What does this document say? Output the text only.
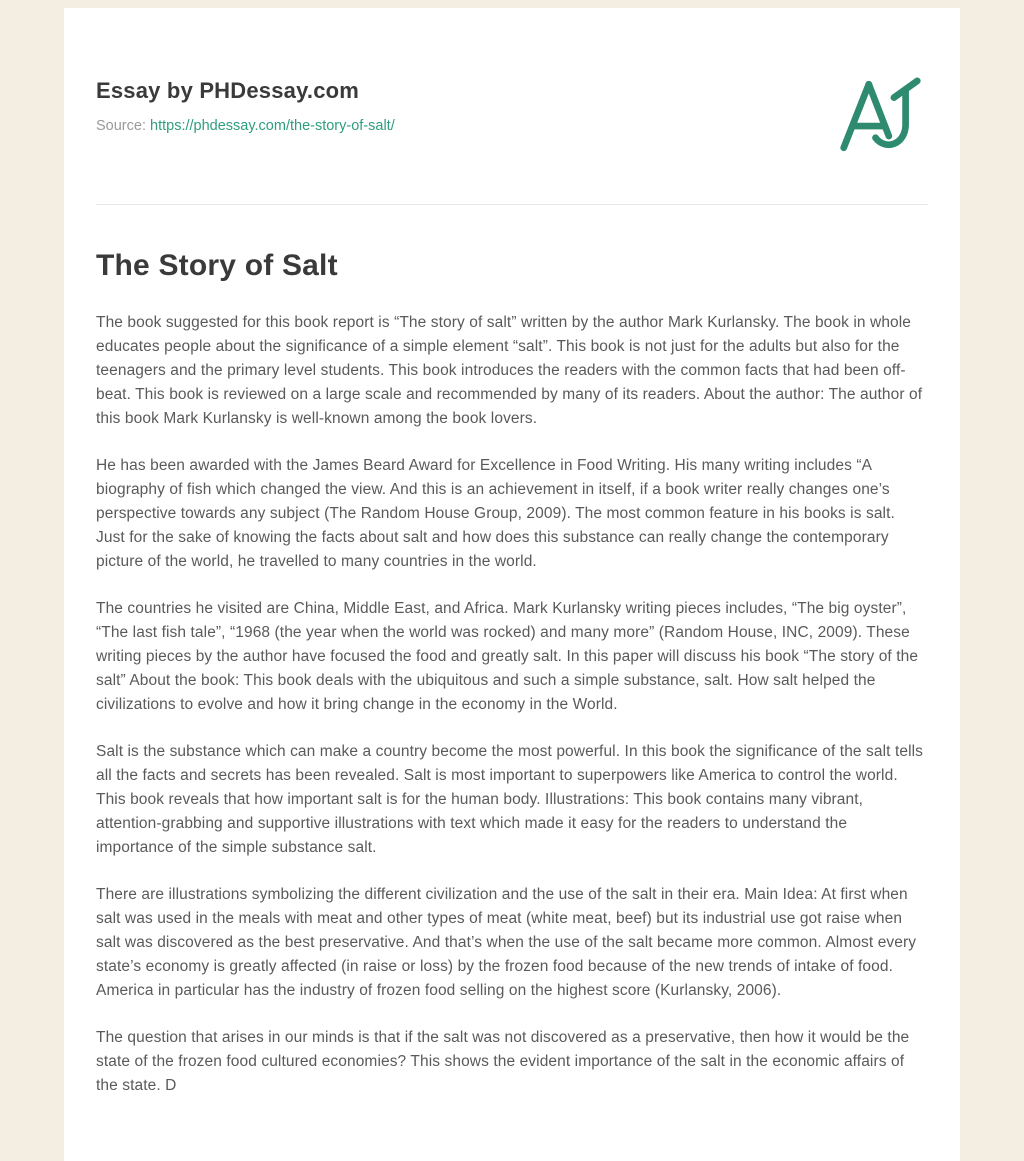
Essay by PHDessay.com
Source: https://phdessay.com/the-story-of-salt/
The Story of Salt

The book suggested for this book report is “The story of salt” written by the author Mark Kurlansky. The book in whole educates people about the significance of a simple element “salt”. This book is not just for the adults but also for the teenagers and the primary level students. This book introduces the readers with the common facts that had been off-beat. This book is reviewed on a large scale and recommended by many of its readers. About the author: The author of this book Mark Kurlansky is well-known among the book lovers.

He has been awarded with the James Beard Award for Excellence in Food Writing. His many writing includes “A biography of fish which changed the view. And this is an achievement in itself, if a book writer really changes one’s perspective towards any subject (The Random House Group, 2009). The most common feature in his books is salt. Just for the sake of knowing the facts about salt and how does this substance can really change the contemporary picture of the world, he travelled to many countries in the world.

The countries he visited are China, Middle East, and Africa. Mark Kurlansky writing pieces includes, “The big oyster”, “The last fish tale”, “1968 (the year when the world was rocked) and many more” (Random House, INC, 2009). These writing pieces by the author have focused the food and greatly salt. In this paper will discuss his book “The story of the salt” About the book: This book deals with the ubiquitous and such a simple substance, salt. How salt helped the civilizations to evolve and how it bring change in the economy in the World.

Salt is the substance which can make a country become the most powerful. In this book the significance of the salt tells all the facts and secrets has been revealed. Salt is most important to superpowers like America to control the world. This book reveals that how important salt is for the human body. Illustrations: This book contains many vibrant, attention-grabbing and supportive illustrations with text which made it easy for the readers to understand the importance of the simple substance salt.

There are illustrations symbolizing the different civilization and the use of the salt in their era. Main Idea: At first when salt was used in the meals with meat and other types of meat (white meat, beef) but its industrial use got raise when salt was discovered as the best preservative. And that’s when the use of the salt became more common. Almost every state’s economy is greatly affected (in raise or loss) by the frozen food because of the new trends of intake of food. America in particular has the industry of frozen food selling on the highest score (Kurlansky, 2006).

The question that arises in our minds is that if the salt was not discovered as a preservative, then how it would be the state of the frozen food cultured economies? This shows the evident importance of the salt in the economic affairs of the state. D
